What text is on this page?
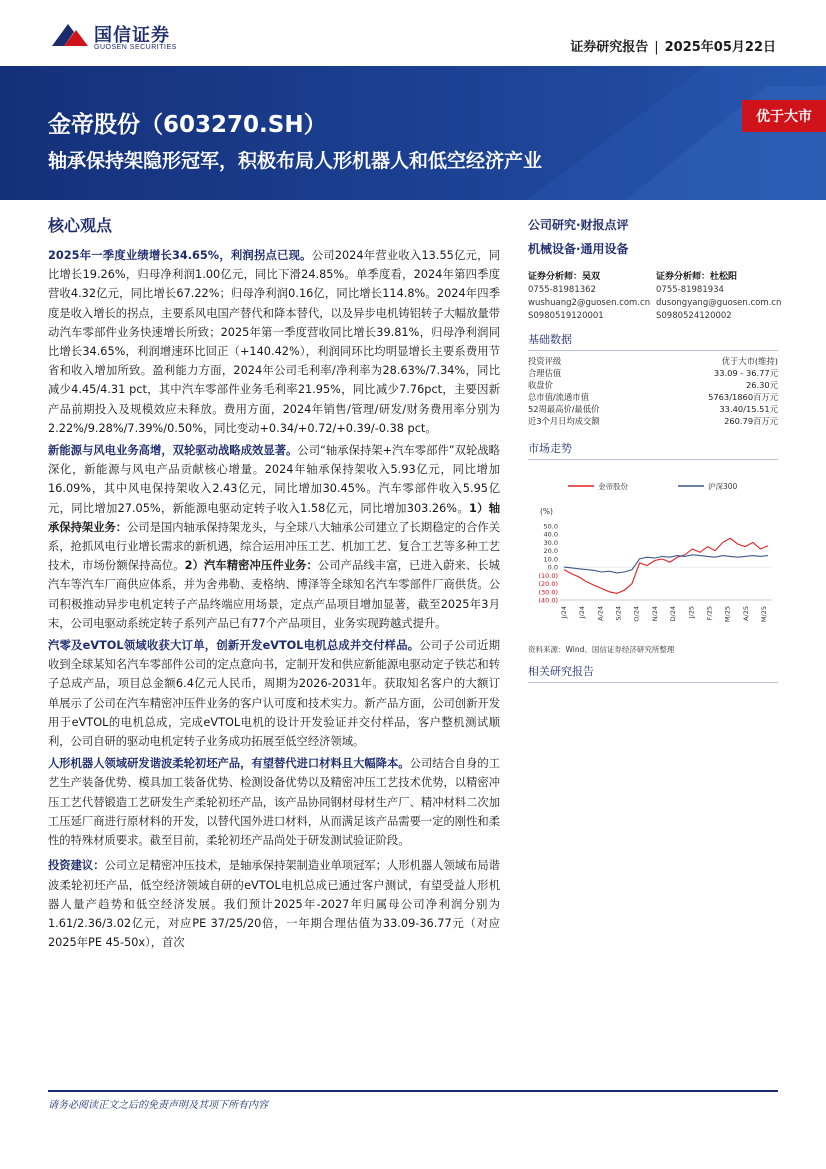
国信证券
GUOSEN SECURITIES	证券研究报告 | 2025年05月22日
金帝股份（603270.SH）
轴承保持架隐形冠军，积极布局人形机器人和低空经济产业
优于大市
核心观点

2025年一季度业绩增长34.65%，利润拐点已现。公司2024年营业收入13.55亿元，同比增长19.26%，归母净利润1.00亿元，同比下滑24.85%。单季度看，2024年第四季度营收4.32亿元，同比增长67.22%；归母净利润0.16亿，同比增长114.8%。2024年四季度是收入增长的拐点，主要系风电国产替代和降本替代，以及异步电机铸铝转子大幅放量带动汽车零部件业务快速增长所致；2025年第一季度营收同比增长39.81%，归母净利润同比增长34.65%，利润增速环比回正（+140.42%），利润同环比均明显增长主要系费用节省和收入增加所致。盈利能力方面，2024年公司毛利率/净利率为28.63%/7.34%，同比减少4.45/4.31 pct，其中汽车零部件业务毛利率21.95%，同比减少7.76pct，主要因新产品前期投入及规模效应未释放。费用方面，2024年销售/管理/研发/财务费用率分别为2.22%/9.28%/7.39%/0.50%，同比变动+0.34/+0.72/+0.39/-0.38 pct。

新能源与风电业务高增，双轮驱动战略成效显著。公司“轴承保持架+汽车零部件”双轮战略深化，新能源与风电产品贡献核心增量。2024年轴承保持架收入5.93亿元，同比增加16.09%，其中风电保持架收入2.43亿元，同比增加30.45%。汽车零部件收入5.95亿元，同比增加27.05%，新能源电驱动定转子收入1.58亿元，同比增加303.26%。1）轴承保持架业务：公司是国内轴承保持架龙头，与全球八大轴承公司建立了长期稳定的合作关系，抢抓风电行业增长需求的新机遇，综合运用冲压工艺、机加工艺、复合工艺等多种工艺技术，市场份额保持高位。2）汽车精密冲压件业务：公司产品线丰富，已进入蔚来、长城汽车等汽车厂商供应体系，并为舍弗勒、麦格纳、博泽等全球知名汽车零部件厂商供货。公司积极推动异步电机定转子产品终端应用场景，定点产品项目增加显著，截至2025年3月末，公司电驱动系统定转子系列产品已有77个产品项目，业务实现跨越式提升。

汽零及eVTOL领域收获大订单，创新开发eVTOL电机总成并交付样品。公司子公司近期收到全球某知名汽车零部件公司的定点意向书，定制开发和供应新能源电驱动定子铁芯和转子总成产品，项目总金额6.4亿元人民币，周期为2026-2031年。获取知名客户的大额订单展示了公司在汽车精密冲压件业务的客户认可度和技术实力。新产品方面，公司创新开发用于eVTOL的电机总成，完成eVTOL电机的设计开发验证并交付样品，客户整机测试顺利，公司自研的驱动电机定转子业务成功拓展至低空经济领域。

人形机器人领域研发谐波柔轮初坯产品，有望替代进口材料且大幅降本。公司结合自身的工艺生产装备优势、模具加工装备优势、检测设备优势以及精密冲压工艺技术优势，以精密冲压工艺代替锻造工艺研发生产柔轮初坯产品，该产品协同钢材母材生产厂、精冲材料二次加工压延厂商进行原材料的开发，以替代国外进口材料，从而满足该产品需要一定的刚性和柔性的特殊材质要求。截至目前，柔轮初坯产品尚处于研发测试验证阶段。

投资建议：公司立足精密冲压技术，是轴承保持架制造业单项冠军；人形机器人领域布局谐波柔轮初坯产品，低空经济领域自研的eVTOL电机总成已通过客户测试，有望受益人形机器人量产趋势和低空经济发展。我们预计2025年-2027年归属母公司净利润分别为1.61/2.36/3.02亿元，对应PE 37/25/20倍，一年期合理估值为33.09-36.77元（对应2025年PE 45-50x），首次

公司研究·财报点评
机械设备·通用设备
证券分析师：吴双
0755-81981362
wushuang2@guosen.com.cn
S0980519120001
证券分析师：杜松阳
0755-81981934
dusongyang@guosen.com.cn
S0980524120002
基础数据
投资评级	优于大市(维持)
合理估值	33.09 - 36.77元
收盘价	26.30元
总市值/流通市值	5763/1860百万元
52周最高价/最低价	33.40/15.51元
近3个月日均成交额	260.79百万元
市场走势
金帝股份	沪深300
(%)
50.0
40.0
30.0
20.0
10.0
0.0
(10.0)
(20.0)
(30.0)
(40.0)
J/24 J/24 A/24 S/24 O/24 N/24 D/24 J/25 F/25 M/25 A/25 M/25
资料来源：Wind、国信证券经济研究所整理
相关研究报告
请务必阅读正文之后的免责声明及其项下所有内容
